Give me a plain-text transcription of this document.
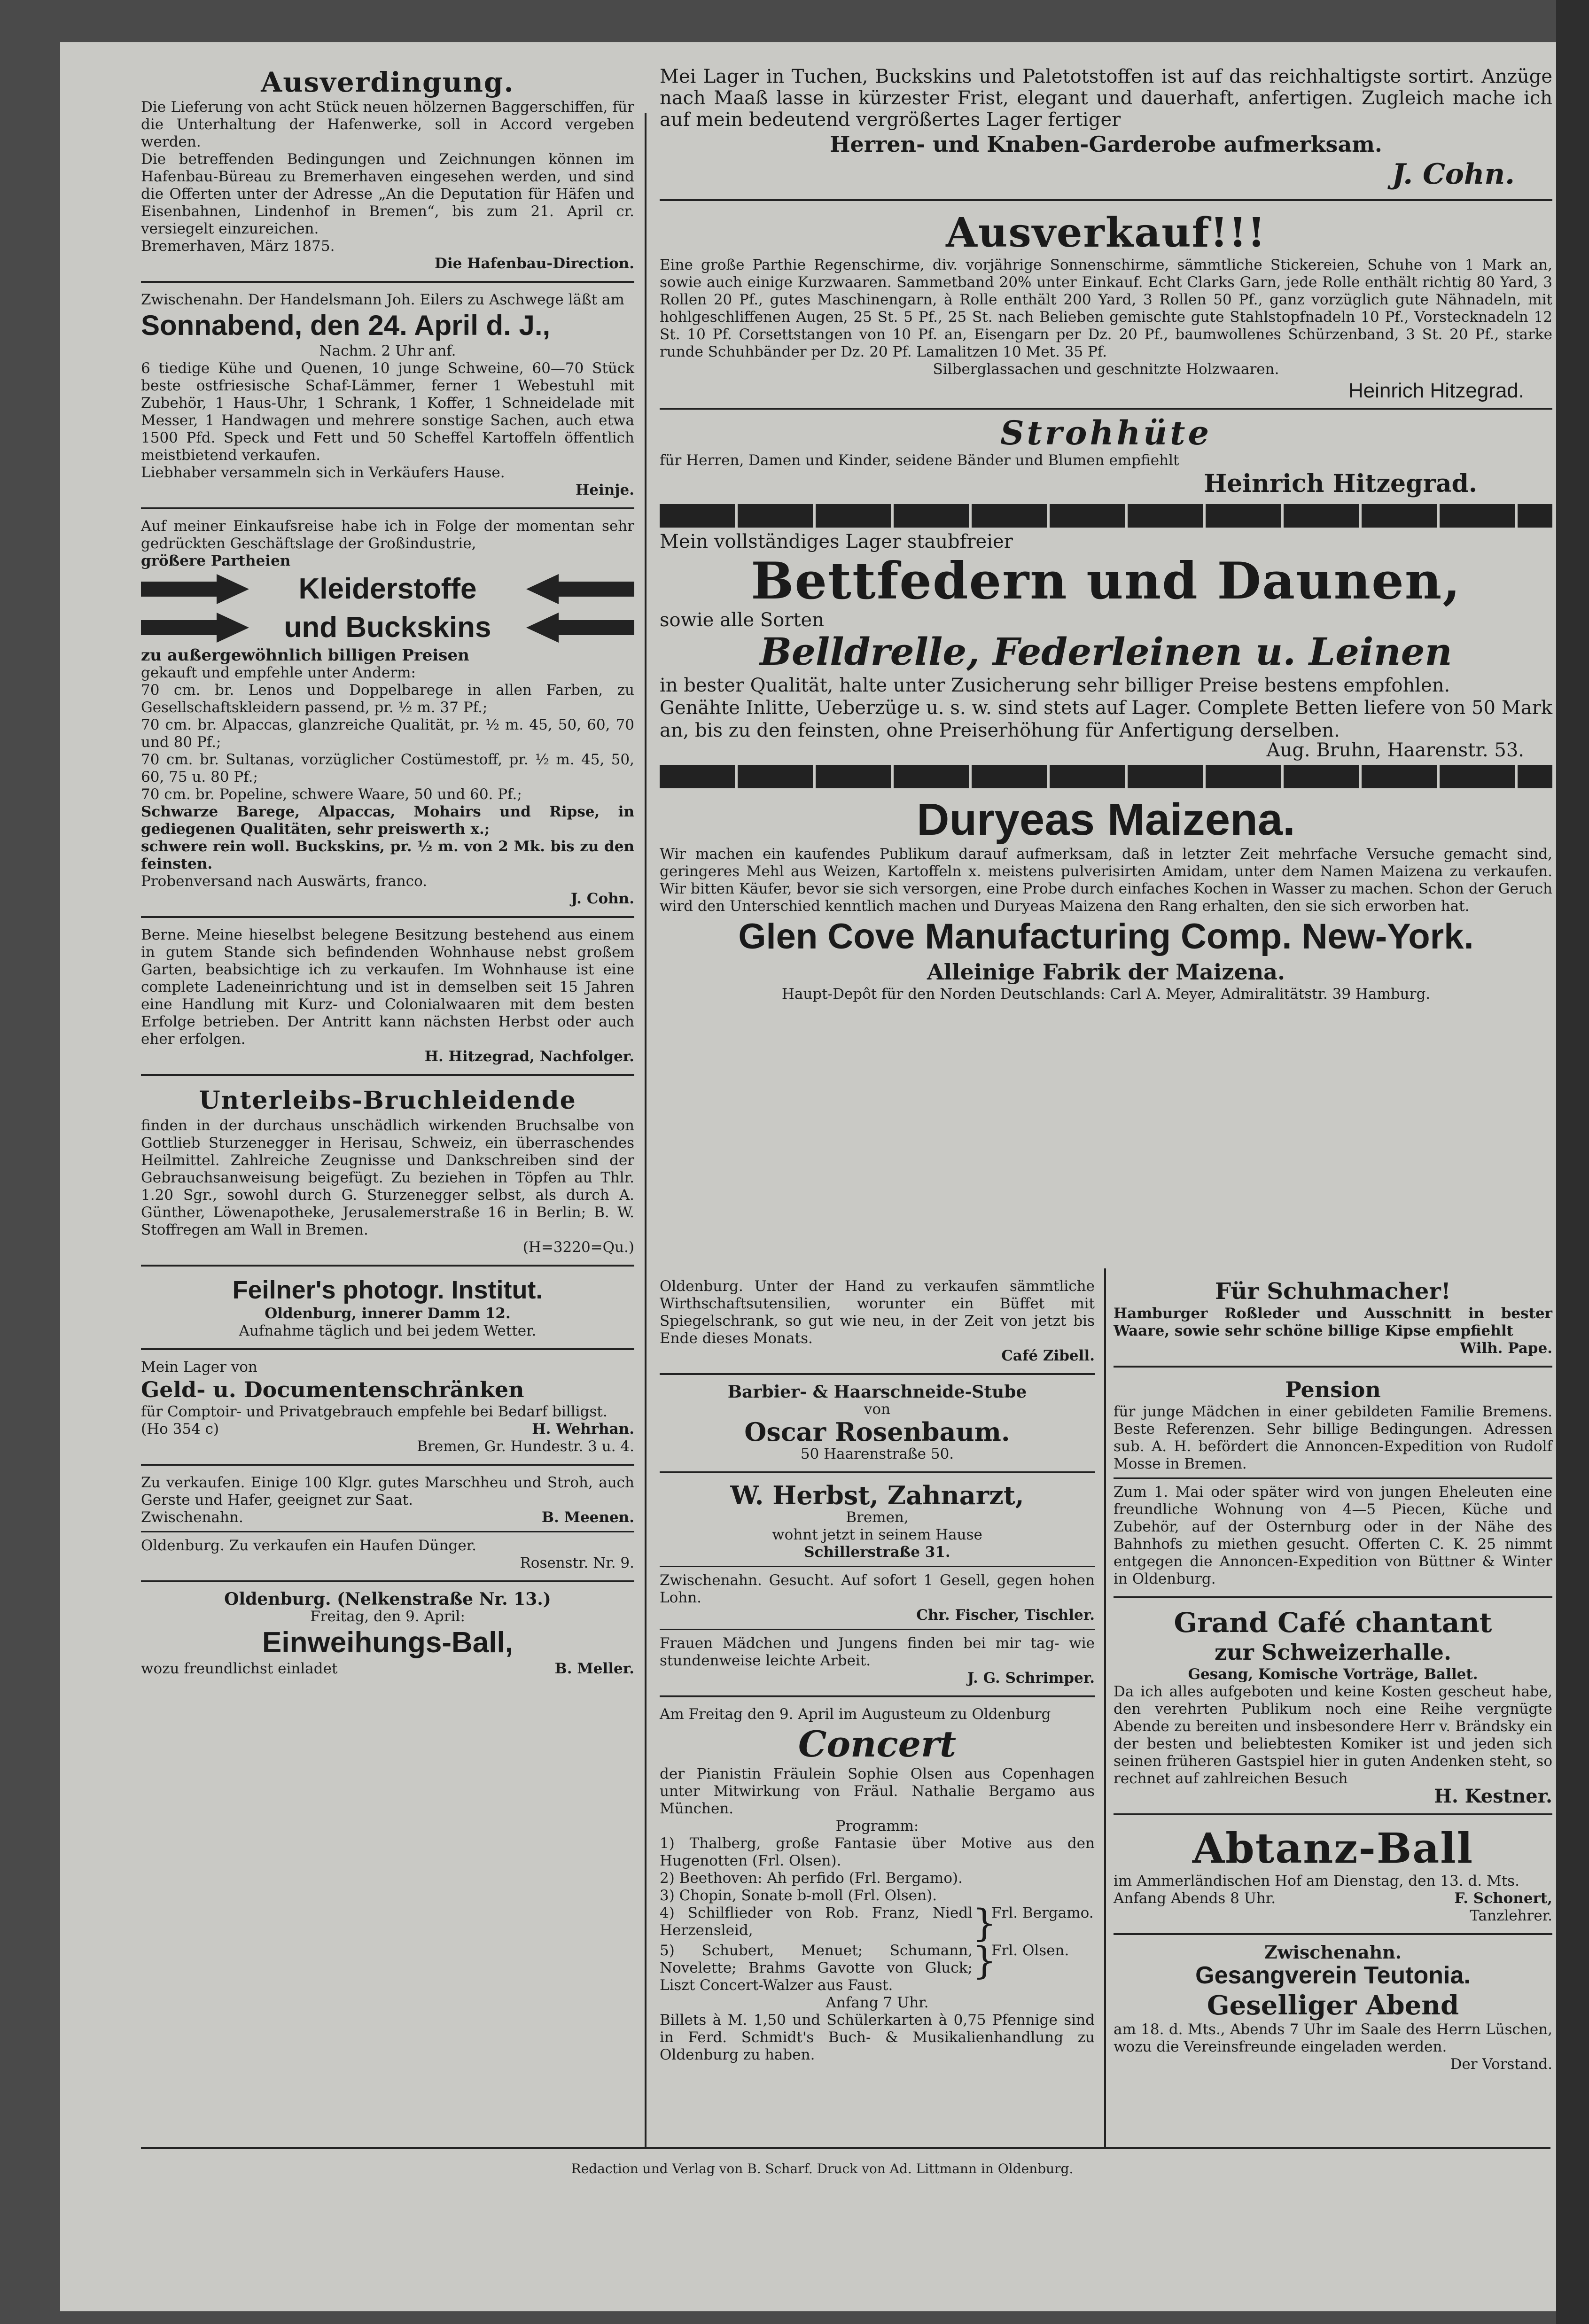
Ausverdingung.

Die Lieferung von acht Stück neuen hölzernen Baggerschiffen, für die Unterhaltung der Hafenwerke, soll in Accord vergeben werden.

Die betreffenden Bedingungen und Zeichnungen können im Hafenbau-Büreau zu Bremerhaven eingesehen werden, und sind die Offerten unter der Adresse „An die Deputation für Häfen und Eisenbahnen, Lindenhof in Bremen“, bis zum 21. April cr. versiegelt einzureichen.

Bremerhaven, März 1875.

Die Hafenbau-Direction.

Zwischenahn. Der Handelsmann Joh. Eilers zu Aschwege läßt am

Sonnabend, den 24. April d. J.,

Nachm. 2 Uhr anf.

6 tiedige Kühe und Quenen, 10 junge Schweine, 60—70 Stück beste ostfriesische Schaf-Lämmer, ferner 1 Webestuhl mit Zubehör, 1 Haus-Uhr, 1 Schrank, 1 Koffer, 1 Schneidelade mit Messer, 1 Handwagen und mehrere sonstige Sachen, auch etwa 1500 Pfd. Speck und Fett und 50 Scheffel Kartoffeln öffentlich meistbietend verkaufen.

Liebhaber versammeln sich in Verkäufers Hause.

Heinje.

Auf meiner Einkaufsreise habe ich in Folge der momentan sehr gedrückten Geschäftslage der Großindustrie,

größere Partheien

Kleiderstoffe
und Buckskins

zu außergewöhnlich billigen Preisen

gekauft und empfehle unter Anderm:

70 cm. br. Lenos und Doppelbarege in allen Farben, zu Gesellschaftskleidern passend, pr. ½ m. 37 Pf.;

70 cm. br. Alpaccas, glanzreiche Qualität, pr. ½ m. 45, 50, 60, 70 und 80 Pf.;

70 cm. br. Sultanas, vorzüglicher Costümestoff, pr. ½ m. 45, 50, 60, 75 u. 80 Pf.;

70 cm. br. Popeline, schwere Waare, 50 und 60. Pf.;

Schwarze Barege, Alpaccas, Mohairs und Ripse, in gediegenen Qualitäten, sehr preiswerth x.;

schwere rein woll. Buckskins, pr. ½ m. von 2 Mk. bis zu den feinsten.

Probenversand nach Auswärts, franco.

J. Cohn.

Berne. Meine hieselbst belegene Besitzung bestehend aus einem in gutem Stande sich befindenden Wohnhause nebst großem Garten, beabsichtige ich zu verkaufen. Im Wohnhause ist eine complete Ladeneinrichtung und ist in demselben seit 15 Jahren eine Handlung mit Kurz- und Colonialwaaren mit dem besten Erfolge betrieben. Der Antritt kann nächsten Herbst oder auch eher erfolgen.

H. Hitzegrad, Nachfolger.

Unterleibs-Bruchleidende

finden in der durchaus unschädlich wirkenden Bruchsalbe von Gottlieb Sturzenegger in Herisau, Schweiz, ein überraschendes Heilmittel. Zahlreiche Zeugnisse und Dankschreiben sind der Gebrauchsanweisung beigefügt. Zu beziehen in Töpfen au Thlr. 1.20 Sgr., sowohl durch G. Sturzenegger selbst, als durch A. Günther, Löwenapotheke, Jerusalemerstraße 16 in Berlin; B. W. Stoffregen am Wall in Bremen.

(H=3220=Qu.)

Feilner's photogr. Institut.

Oldenburg, innerer Damm 12.

Aufnahme täglich und bei jedem Wetter.

Mein Lager von

Geld- u. Documentenschränken

für Comptoir- und Privatgebrauch empfehle bei Bedarf billigst.

(Ho 354 c)	H. Wehrhan.

Bremen, Gr. Hundestr. 3 u. 4.

Zu verkaufen. Einige 100 Klgr. gutes Marschheu und Stroh, auch Gerste und Hafer, geeignet zur Saat.

Zwischenahn.	B. Meenen.

Oldenburg. Zu verkaufen ein Haufen Dünger.

Rosenstr. Nr. 9.

Oldenburg. (Nelkenstraße Nr. 13.)

Freitag, den 9. April:

Einweihungs-Ball,

wozu freundlichst einladet	B. Meller.

Mei Lager in Tuchen, Buckskins und Paletotstoffen ist auf das reichhaltigste sortirt. Anzüge nach Maaß lasse in kürzester Frist, elegant und dauerhaft, anfertigen. Zugleich mache ich auf mein bedeutend vergrößertes Lager fertiger

Herren- und Knaben-Garderobe aufmerksam.

J. Cohn.

Ausverkauf!!!

Eine große Parthie Regenschirme, div. vorjährige Sonnenschirme, sämmtliche Stickereien, Schuhe von 1 Mark an, sowie auch einige Kurzwaaren. Sammetband 20% unter Einkauf. Echt Clarks Garn, jede Rolle enthält richtig 80 Yard, 3 Rollen 20 Pf., gutes Maschinengarn, à Rolle enthält 200 Yard, 3 Rollen 50 Pf., ganz vorzüglich gute Nähnadeln, mit hohlgeschliffenen Augen, 25 St. 5 Pf., 25 St. nach Belieben gemischte gute Stahlstopfnadeln 10 Pf., Vorstecknadeln 12 St. 10 Pf. Corsettstangen von 10 Pf. an, Eisengarn per Dz. 20 Pf., baumwollenes Schürzenband, 3 St. 20 Pf., starke runde Schuhbänder per Dz. 20 Pf. Lamalitzen 10 Met. 35 Pf.

Silberglassachen und geschnitzte Holzwaaren.

Heinrich Hitzegrad.

Strohhüte

für Herren, Damen und Kinder, seidene Bänder und Blumen empfiehlt

Heinrich Hitzegrad.

Mein vollständiges Lager staubfreier

Bettfedern und Daunen,

sowie alle Sorten

Belldrelle, Federleinen u. Leinen

in bester Qualität, halte unter Zusicherung sehr billiger Preise bestens empfohlen.

Genähte Inlitte, Ueberzüge u. s. w. sind stets auf Lager. Complete Betten liefere von 50 Mark an, bis zu den feinsten, ohne Preiserhöhung für Anfertigung derselben.

Aug. Bruhn, Haarenstr. 53.

Duryeas Maizena.

Wir machen ein kaufendes Publikum darauf aufmerksam, daß in letzter Zeit mehrfache Versuche gemacht sind, geringeres Mehl aus Weizen, Kartoffeln x. meistens pulverisirten Amidam, unter dem Namen Maizena zu verkaufen. Wir bitten Käufer, bevor sie sich versorgen, eine Probe durch einfaches Kochen in Wasser zu machen. Schon der Geruch wird den Unterschied kenntlich machen und Duryeas Maizena den Rang erhalten, den sie sich erworben hat.

Glen Cove Manufacturing Comp. New-York.

Alleinige Fabrik der Maizena.

Haupt-Depôt für den Norden Deutschlands: Carl A. Meyer, Admiralitätstr. 39 Hamburg.

Oldenburg. Unter der Hand zu verkaufen sämmtliche Wirthschaftsutensilien, worunter ein Büffet mit Spiegelschrank, so gut wie neu, in der Zeit von jetzt bis Ende dieses Monats.

Café Zibell.

Barbier- & Haarschneide-Stube

von

Oscar Rosenbaum.

50 Haarenstraße 50.

W. Herbst, Zahnarzt,

Bremen,

wohnt jetzt in seinem Hause

Schillerstraße 31.

Zwischenahn. Gesucht. Auf sofort 1 Gesell, gegen hohen Lohn.

Chr. Fischer, Tischler.

Frauen Mädchen und Jungens finden bei mir tag- wie stundenweise leichte Arbeit.

J. G. Schrimper.

Am Freitag den 9. April im Augusteum zu Oldenburg

Concert

der Pianistin Fräulein Sophie Olsen aus Copenhagen unter Mitwirkung von Fräul. Nathalie Bergamo aus München.

Programm:

1) Thalberg, große Fantasie über Motive aus den Hugenotten (Frl. Olsen).

2) Beethoven: Ah perfido (Frl. Bergamo).

3) Chopin, Sonate b-moll (Frl. Olsen).

4) Schilflieder von Rob. Franz, Niedl Herzensleid,	}

Frl. Bergamo.

5) Schubert, Menuet; Schumann, Novelette; Brahms Gavotte von Gluck; Liszt Concert-Walzer aus Faust.

}

Frl. Olsen.

Anfang 7 Uhr.

Billets à M. 1,50 und Schülerkarten à 0,75 Pfennige sind in Ferd. Schmidt's Buch- & Musikalienhandlung zu Oldenburg zu haben.

Für Schuhmacher!

Hamburger Roßleder und Ausschnitt in bester Waare, sowie sehr schöne billige Kipse empfiehlt

Wilh. Pape.

Pension

für junge Mädchen in einer gebildeten Familie Bremens. Beste Referenzen. Sehr billige Bedingungen. Adressen sub. A. H. befördert die Annoncen-Expedition von Rudolf Mosse in Bremen.

Zum 1. Mai oder später wird von jungen Eheleuten eine freundliche Wohnung von 4—5 Piecen, Küche und Zubehör, auf der Osternburg oder in der Nähe des Bahnhofs zu miethen gesucht. Offerten C. K. 25 nimmt entgegen die Annoncen-Expedition von Büttner & Winter in Oldenburg.

Grand Café chantant

zur Schweizerhalle.

Gesang, Komische Vorträge, Ballet.

Da ich alles aufgeboten und keine Kosten gescheut habe, den verehrten Publikum noch eine Reihe vergnügte Abende zu bereiten und insbesondere Herr v. Brändsky ein der besten und beliebtesten Komiker ist und jeden sich seinen früheren Gastspiel hier in guten Andenken steht, so rechnet auf zahlreichen Besuch

H. Kestner.

Abtanz-Ball

im Ammerländischen Hof am Dienstag, den 13. d. Mts.

Anfang Abends 8 Uhr.	F. Schonert,

Tanzlehrer.

Zwischenahn.

Gesangverein Teutonia.

Geselliger Abend

am 18. d. Mts., Abends 7 Uhr im Saale des Herrn Lüschen, wozu die Vereinsfreunde eingeladen werden.

Der Vorstand.

Redaction und Verlag von B. Scharf. Druck von Ad. Littmann in Oldenburg.
